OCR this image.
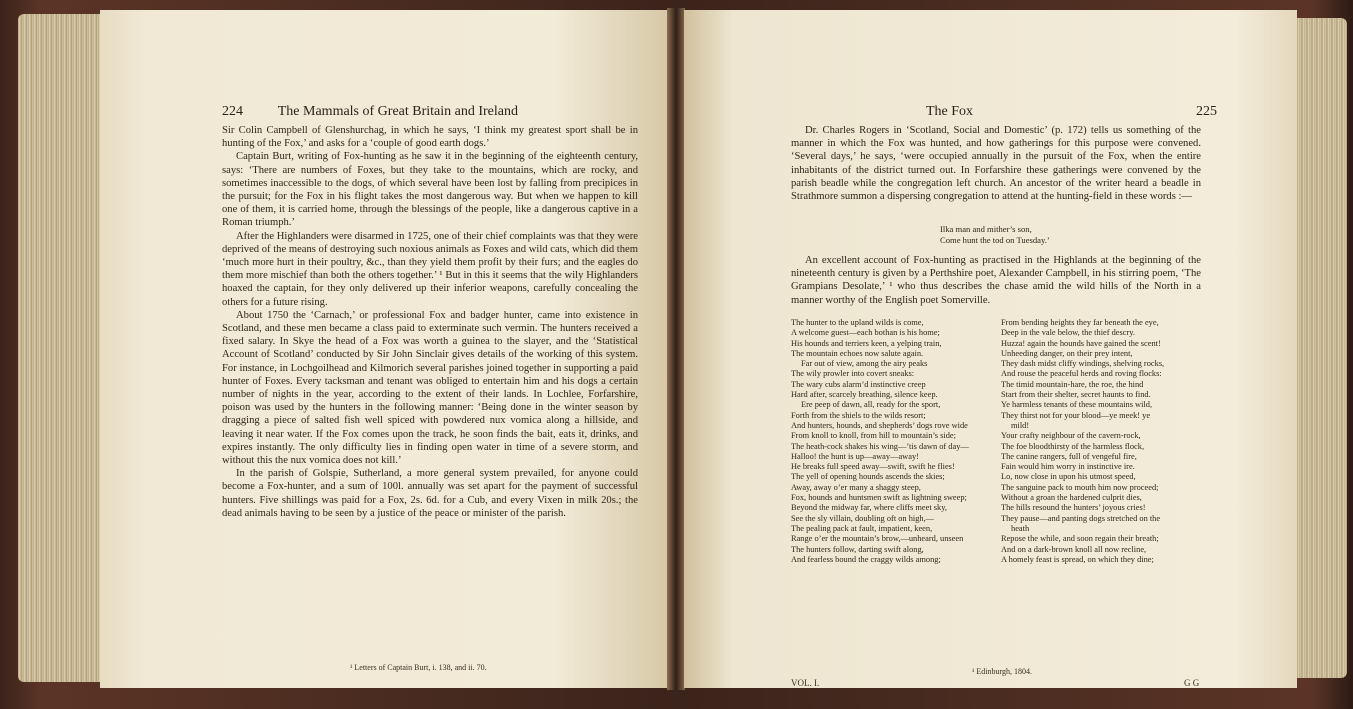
224 The Mammals of Great Britain and Ireland

Sir Colin Campbell of Glenshurchag, in which he says, ‘I think my greatest sport shall be in hunting of the Fox,’ and asks for a ‘couple of good earth dogs.’

Captain Burt, writing of Fox-hunting as he saw it in the beginning of the eighteenth century, says: ‘There are numbers of Foxes, but they take to the mountains, which are rocky, and sometimes inaccessible to the dogs, of which several have been lost by falling from precipices in the pursuit; for the Fox in his flight takes the most dangerous way. But when we happen to kill one of them, it is carried home, through the blessings of the people, like a dangerous captive in a Roman triumph.’

After the Highlanders were disarmed in 1725, one of their chief complaints was that they were deprived of the means of destroying such noxious animals as Foxes and wild cats, which did them ‘much more hurt in their poultry, &c., than they yield them profit by their furs; and the eagles do them more mischief than both the others together.’ ¹ But in this it seems that the wily Highlanders hoaxed the captain, for they only delivered up their inferior weapons, carefully concealing the others for a future rising.

About 1750 the ‘Carnach,’ or professional Fox and badger hunter, came into existence in Scotland, and these men became a class paid to exterminate such vermin. The hunters received a fixed salary. In Skye the head of a Fox was worth a guinea to the slayer, and the ‘Statistical Account of Scotland’ conducted by Sir John Sinclair gives details of the working of this system. For instance, in Lochgoilhead and Kilmorich several parishes joined together in supporting a paid hunter of Foxes. Every tacksman and tenant was obliged to entertain him and his dogs a certain number of nights in the year, according to the extent of their lands. In Lochlee, Forfarshire, poison was used by the hunters in the following manner: ‘Being done in the winter season by dragging a piece of salted fish well spiced with powdered nux vomica along a hillside, and leaving it near water. If the Fox comes upon the track, he soon finds the bait, eats it, drinks, and expires instantly. The only difficulty lies in finding open water in time of a severe storm, and without this the nux vomica does not kill.’

In the parish of Golspie, Sutherland, a more general system prevailed, for anyone could become a Fox-hunter, and a sum of 100l. annually was set apart for the payment of successful hunters. Five shillings was paid for a Fox, 2s. 6d. for a Cub, and every Vixen in milk 20s.; the dead animals having to be seen by a justice of the peace or minister of the parish.

¹ Letters of Captain Burt, i. 138, and ii. 70.
The Fox	225

Dr. Charles Rogers in ‘Scotland, Social and Domestic’ (p. 172) tells us something of the manner in which the Fox was hunted, and how gatherings for this purpose were convened. ‘Several days,’ he says, ‘were occupied annually in the pursuit of the Fox, when the entire inhabitants of the district turned out. In Forfarshire these gatherings were convened by the parish beadle while the congregation left church. An ancestor of the writer heard a beadle in Strathmore summon a dispersing congregation to attend at the hunting-field in these words :—

Ilka man and mither’s son,
Come hunt the tod on Tuesday.’

An excellent account of Fox-hunting as practised in the Highlands at the beginning of the nineteenth century is given by a Perthshire poet, Alexander Campbell, in his stirring poem, ‘The Grampians Desolate,’ ¹ who thus describes the chase amid the wild hills of the North in a manner worthy of the English poet Somerville.

The hunter to the upland wilds is come,
A welcome guest—each bothan is his home;
His hounds and terriers keen, a yelping train,
The mountain echoes now salute again.
Far out of view, among the airy peaks
The wily prowler into covert sneaks:
The wary cubs alarm’d instinctive creep
Hard after, scarcely breathing, silence keep.
Ere peep of dawn, all, ready for the sport,
Forth from the shiels to the wilds resort;
And hunters, hounds, and shepherds’ dogs rove wide
From knoll to knoll, from hill to mountain’s side;
The heath-cock shakes his wing—’tis dawn of day—
Halloo! the hunt is up—away—away!
He breaks full speed away—swift, swift he flies!
The yell of opening hounds ascends the skies;
Away, away o’er many a shaggy steep,
Fox, hounds and huntsmen swift as lightning sweep;
Beyond the midway far, where cliffs meet sky,
See the sly villain, doubling oft on high,—
The pealing pack at fault, impatient, keen,
Range o’er the mountain’s brow,—unheard, unseen
The hunters follow, darting swift along,
And fearless bound the craggy wilds among;
From bending heights they far beneath the eye,
Deep in the vale below, the thief descry.
Huzza! again the hounds have gained the scent!
Unheeding danger, on their prey intent,
They dash midst cliffy windings, shelving rocks,
And rouse the peaceful herds and roving flocks:
The timid mountain-hare, the roe, the hind
Start from their shelter, secret haunts to find.
Ye harmless tenants of these mountains wild,
They thirst not for your blood—ye meek! ye
mild!
Your crafty neighbour of the cavern-rock,
The foe bloodthirsty of the harmless flock,
The canine rangers, full of vengeful fire,
Fain would him worry in instinctive ire.
Lo, now close in upon his utmost speed,
The sanguine pack to mouth him now proceed;
Without a groan the hardened culprit dies,
The hills resound the hunters’ joyous cries!
They pause—and panting dogs stretched on the
heath
Repose the while, and soon regain their breath;
And on a dark-brown knoll all now recline,
A homely feast is spread, on which they dine;
¹ Edinburgh, 1804.
VOL. I.	G G
